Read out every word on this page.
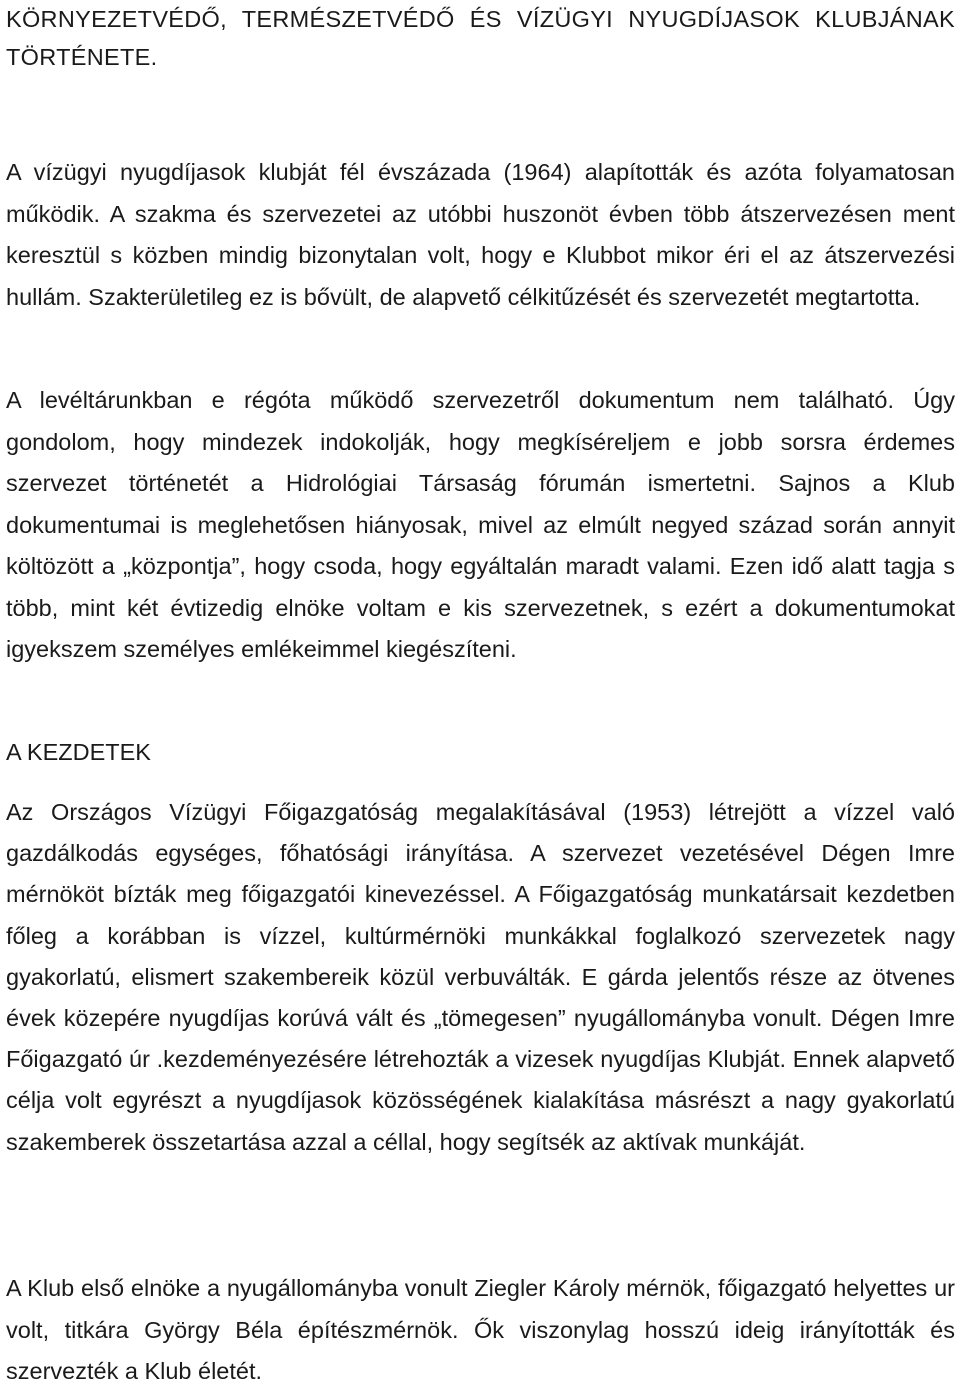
KÖRNYEZETVÉDŐ, TERMÉSZETVÉDŐ ÉS VÍZÜGYI NYUGDÍJASOK KLUBJÁNAK TÖRTÉNETE.

A vízügyi nyugdíjasok klubját fél évszázada (1964) alapították és azóta folyamatosan működik. A szakma és szervezetei az utóbbi huszonöt évben több átszervezésen ment keresztül s közben mindig bizonytalan volt, hogy e Klubbot mikor éri el az átszervezési hullám. Szakterületileg ez is bővült, de alapvető célkitűzését és szervezetét megtartotta.

A levéltárunkban e régóta működő szervezetről dokumentum nem található. Úgy gondolom, hogy mindezek indokolják, hogy megkíséreljem e jobb sorsra érdemes szervezet történetét a Hidrológiai Társaság fórumán ismertetni. Sajnos a Klub dokumentumai is meglehetősen hiányosak, mivel az elmúlt negyed század során annyit költözött a „központja”, hogy csoda, hogy egyáltalán maradt valami. Ezen idő alatt tagja s több, mint két évtizedig elnöke voltam e kis szervezetnek, s ezért a dokumentumokat igyekszem személyes emlékeimmel kiegészíteni.

A KEZDETEK

Az Országos Vízügyi Főigazgatóság megalakításával (1953) létrejött a vízzel való gazdálkodás egységes, főhatósági irányítása. A szervezet vezetésével Dégen Imre mérnököt bízták meg főigazgatói kinevezéssel. A Főigazgatóság munkatársait kezdetben főleg a korábban is vízzel, kultúrmérnöki munkákkal foglalkozó szervezetek nagy gyakorlatú, elismert szakembereik közül verbuválták. E gárda jelentős része az ötvenes évek közepére nyugdíjas korúvá vált és „tömegesen” nyugállományba vonult. Dégen Imre Főigazgató úr .kezdeményezésére létrehozták a vizesek nyugdíjas Klubját. Ennek alapvető célja volt egyrészt a nyugdíjasok közösségének kialakítása másrészt a nagy gyakorlatú szakemberek összetartása azzal a céllal, hogy segítsék az aktívak munkáját.

A Klub első elnöke a nyugállományba vonult Ziegler Károly mérnök, főigazgató helyettes ur volt, titkára György Béla építészmérnök. Ők viszonylag hosszú ideig irányították és szervezték a Klub életét.
